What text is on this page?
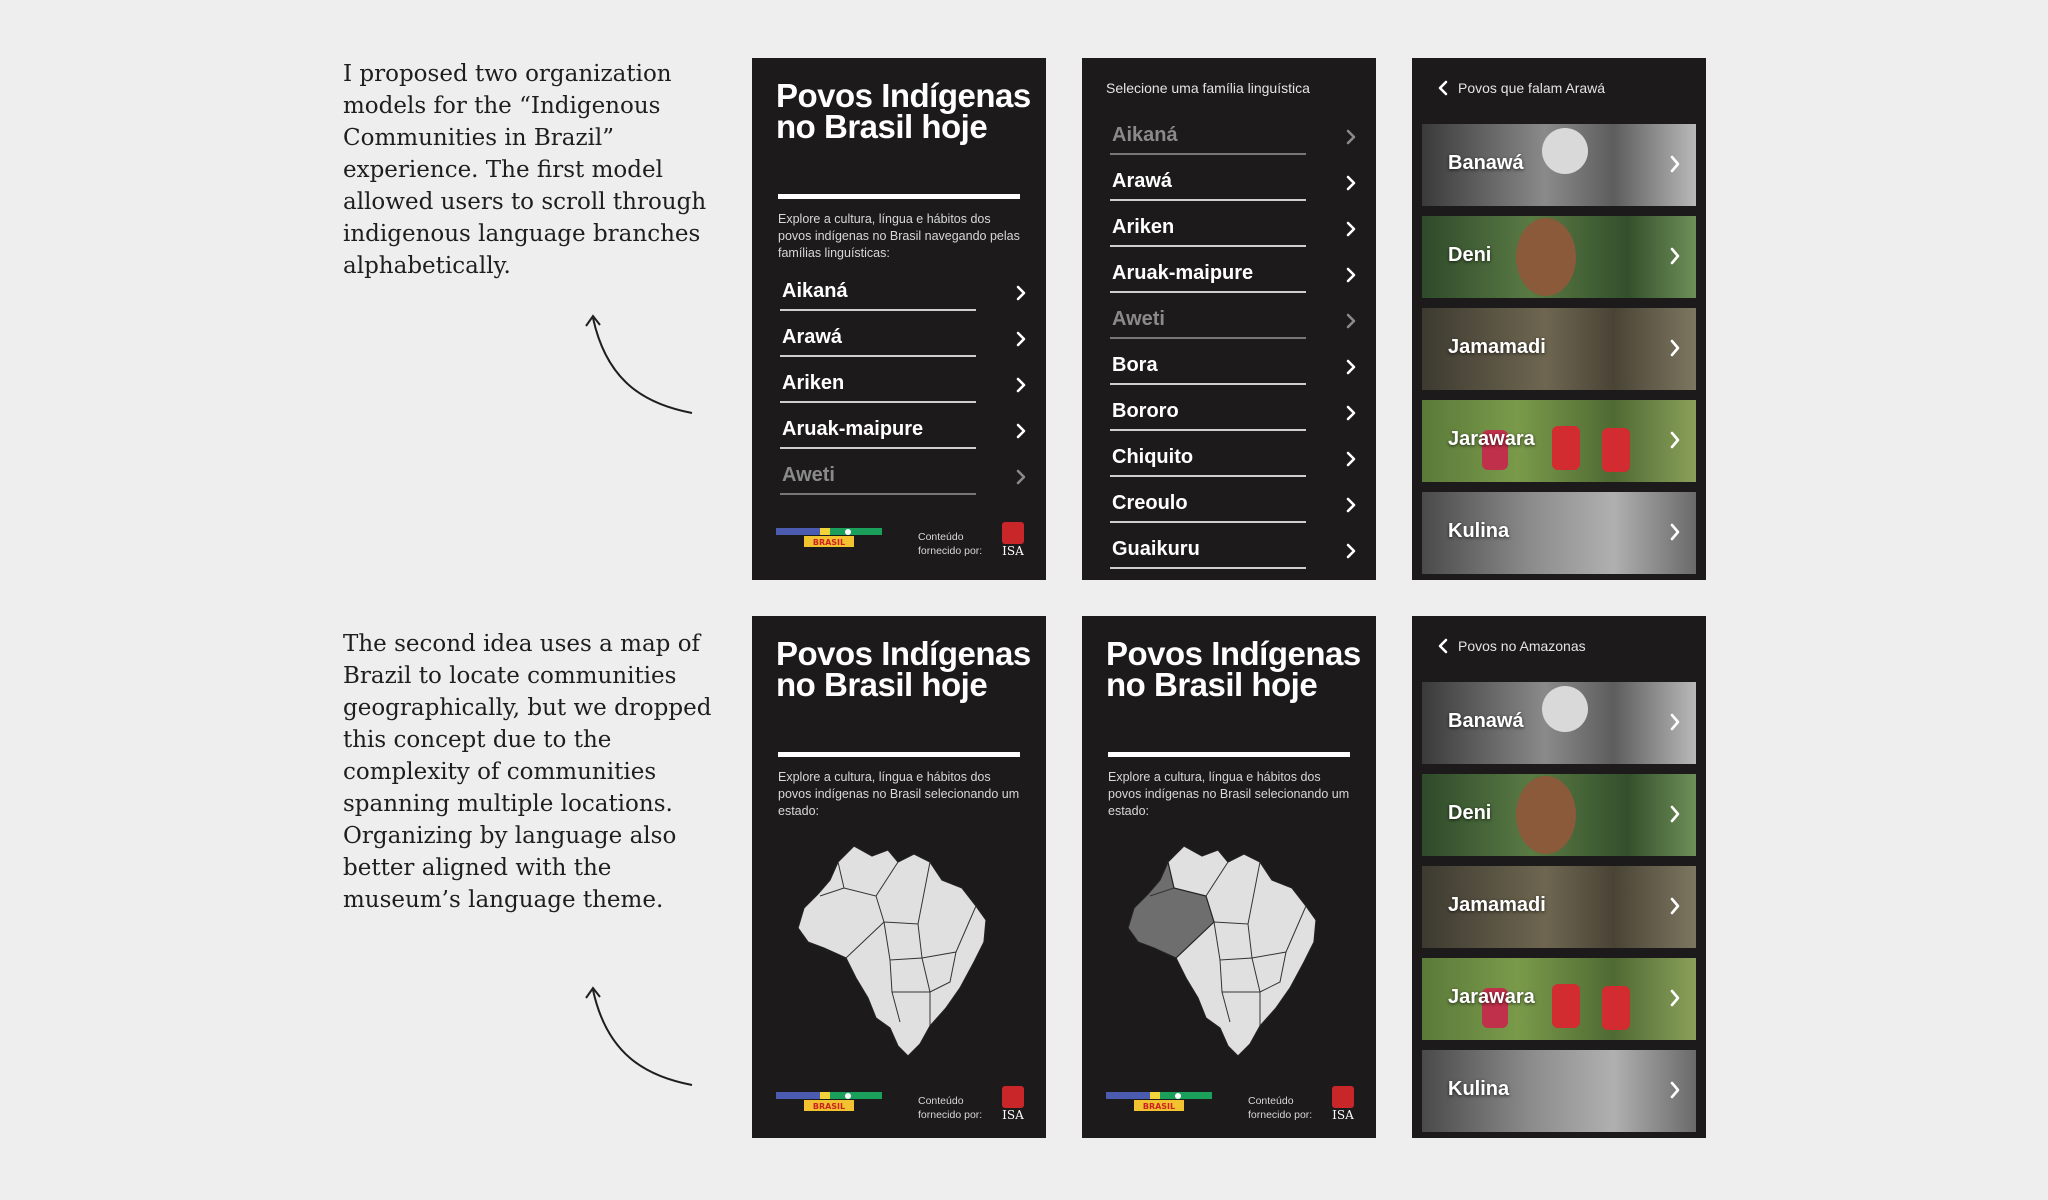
I proposed two organization models for the “Indigenous Communities in Brazil” experience. The first model allowed users to scroll through indigenous language branches alphabetically.

The second idea uses a map of Brazil to locate communities geographically, but we dropped this concept due to the complexity of communities spanning multiple locations. Organizing by language also better aligned with the museum’s language theme.

Povos Indígenas no Brasil hoje

Explore a cultura, língua e hábitos dos povos indígenas no Brasil navegando pelas famílias linguísticas:

Aikaná
Arawá
Ariken
Aruak-maipure
Aweti
BRASIL	Conteúdo
fornecido por: ISA
Selecione uma família linguística
Aikaná
Arawá
Ariken
Aruak-maipure
Aweti
Bora
Bororo
Chiquito
Creoulo
Guaikuru
Povos que falam Arawá
Banawá
Deni
Jamamadi
Jarawara
Kulina
Povos Indígenas no Brasil hoje

Explore a cultura, língua e hábitos dos povos indígenas no Brasil selecionando um estado:

BRASIL	Conteúdo
fornecido por: ISA
Povos Indígenas no Brasil hoje

Explore a cultura, língua e hábitos dos povos indígenas no Brasil selecionando um estado:

BRASIL	Conteúdo
fornecido por: ISA
Povos no Amazonas
Banawá
Deni
Jamamadi
Jarawara
Kulina
